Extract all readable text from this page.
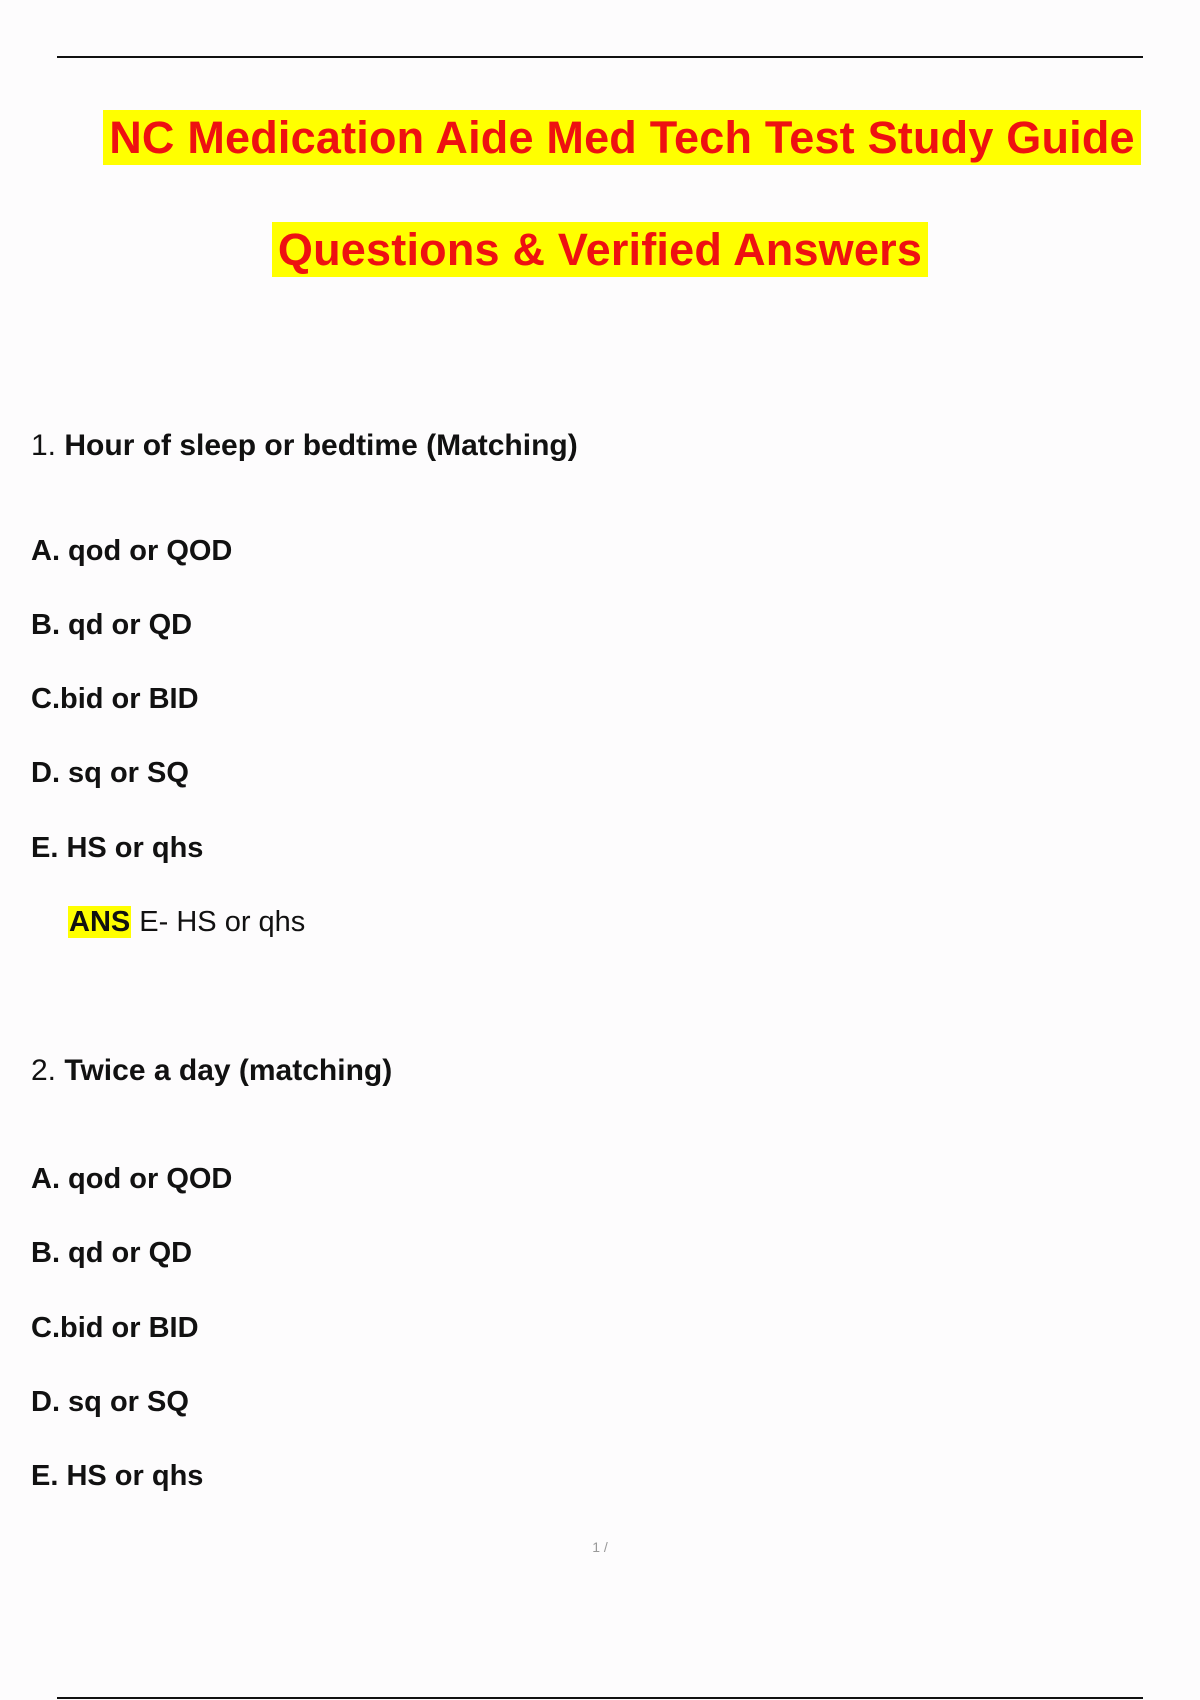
NC Medication Aide Med Tech Test Study Guide
Questions & Verified Answers
1. Hour of sleep or bedtime (Matching)
A. qod or QOD
B. qd or QD
C.bid or BID
D. sq or SQ
E. HS or qhs
ANS E- HS or qhs
2. Twice a day (matching)
A. qod or QOD
B. qd or QD
C.bid or BID
D. sq or SQ
E. HS or qhs
1 /
